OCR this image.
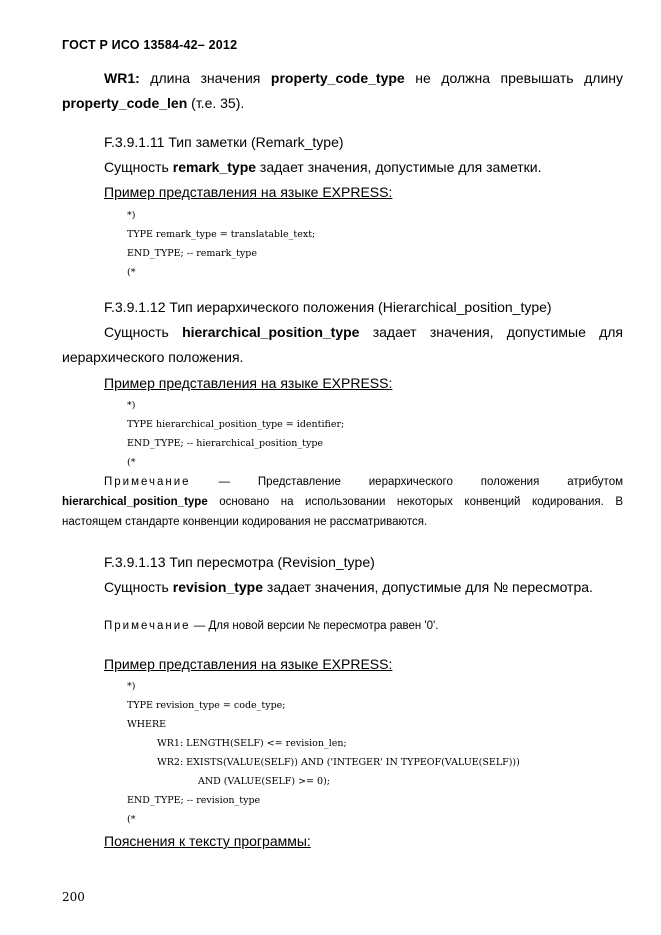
ГОСТ Р ИСО 13584-42– 2012
WR1: длина значения property_code_type не должна превышать длину
property_code_len (т.е. 35).
F.3.9.1.11 Тип заметки (Remark_type)
Сущность remark_type задает значения, допустимые для заметки.
Пример представления на языке EXPRESS:
*)
TYPE remark_type = translatable_text;
END_TYPE; -- remark_type
(*
F.3.9.1.12 Тип иерархического положения (Hierarchical_position_type)
Сущность hierarchical_position_type задает значения, допустимые для
иерархического положения.
Пример представления на языке EXPRESS:
*)
TYPE hierarchical_position_type = identifier;
END_TYPE; -- hierarchical_position_type
(*
Примечание — Представление иерархического положения атрибутом
hierarchical_position_type основано на использовании некоторых конвенций кодирования. В
настоящем стандарте конвенции кодирования не рассматриваются.
F.3.9.1.13 Тип пересмотра (Revision_type)
Сущность revision_type задает значения, допустимые для № пересмотра.
Примечание — Для новой версии № пересмотра равен '0'.
Пример представления на языке EXPRESS:
*)
TYPE revision_type = code_type;
WHERE
WR1: LENGTH(SELF) <= revision_len;
WR2: EXISTS(VALUE(SELF)) AND ('INTEGER' IN TYPEOF(VALUE(SELF)))
AND (VALUE(SELF) >= 0);
END_TYPE; -- revision_type
(*
Пояснения к тексту программы:
200
